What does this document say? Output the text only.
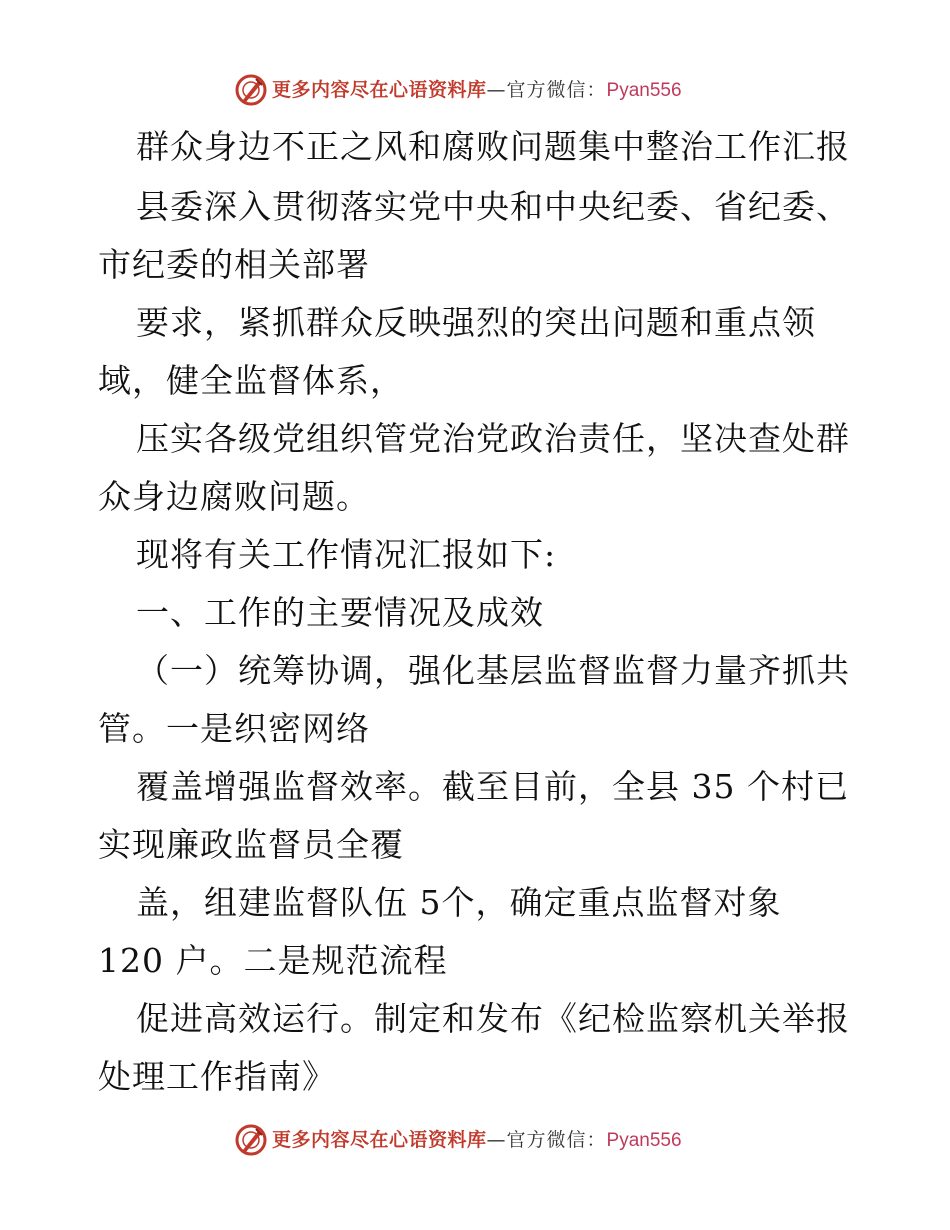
更多内容尽在心语资料库—官方微信：Pyan556
群众身边不正之风和腐败问题集中整治工作汇报
县委深入贯彻落实党中央和中央纪委、省纪委、
市纪委的相关部署
要求，紧抓群众反映强烈的突出问题和重点领
域，健全监督体系，
压实各级党组织管党治党政治责任，坚决查处群
众身边腐败问题。
现将有关工作情况汇报如下:
一、工作的主要情况及成效
（一）统筹协调，强化基层监督监督力量齐抓共
管。一是织密网络
覆盖增强监督效率。截至目前，全县 35 个村已
实现廉政监督员全覆
盖，组建监督队伍 5个，确定重点监督对象
120 户。二是规范流程
促进高效运行。制定和发布《纪检监察机关举报
处理工作指南》
更多内容尽在心语资料库—官方微信：Pyan556
